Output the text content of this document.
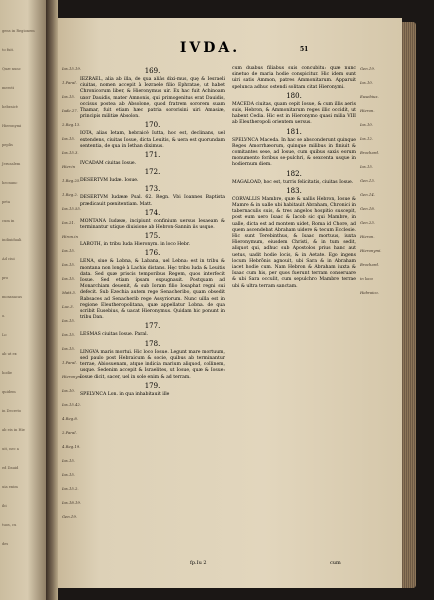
gens in Regionem
to fuit.
Quæ nunc
meroti
hebraicè
Hieronymi
peplis
Jerusalem
hecnunc
peta
cum in
indiuiduali
Ad ciui
pro
mosanacas
o.
Lo
ab ut ex
hodie
quidem
in Decreto
ab eis in Hie
uit, nec a
ed Dauid
uia enim
ibi
tuos, cu
des
IVDA.	51

Ios.15.19.

1.Paral.

Ios.15.

Iude.27.

2.Reg.13.

Ios.15.

Ios.15.3.

Hier.in

1.Reg.25.

1.Reg.2.

Ios.15.55.

Ios.21.

Hiron.in

Ios.15.

Ios.15.

Ios.15.

Matt.3.

Luc.3.

Ios.15.

Ios.15.

Ios.15.

1.Paral.

Hieronym.

Ios.10.

Ios.15.42.

4.Reg.8.

2.Paral.

4.Reg.19.

Ios.15.

Ios.15.

Ios.15.2.

Ios.18.19.

Gen.19.

169.

IEZRAEL, alia ab illa, de qua aliàs dixi-mus, quę & Iesraeli ciuitas, nomen accepit à Iezraele filio Ephratae, ut habet Chronicorum liber, & Hieronymus uir. Ex hac fuit Achinoam uxor Dauidis, mater Amnonis, qui primogenitus erat Dauidis, occisus postea ab Absolone, quod fratrem sororem suam Thamar, fuit etiam hæc patria sororisini uiri Amasiæ, principis militiæ Absolon.

170.

IOTA, alias Ietam, hebraicè Iutta, hoc est, declinans, uel extendens, ciuitas Iosue, dicta Leuitis, & uera est quorundam sententia, de qua in Iethan diximus.

171.

IVCADAM ciuitas Iosue.

172.

DESERTVM Iudæ. Iosue.

173.

DESERTVM Iudææ Psal. 62. Regn. Vbi Ioannes Baptista prædicauit pœnitentiam. Matt.

174.

MONTANA Iudææ, incipiunt confinium uersus Iesaeam & terminantur utique diuisione ab Hebron-Sannin iis usque.

175.

LABOTH, in tribu Iuda Hieronym. in loco Hebr.

176.

LENA, siue & Lobna, & Labana, uel Lebna: est in tribu & montana non longè à Lachis distans. Hęc tribu Iuda & Leuitis data. Sed quæ priscis temporibus Regem, quos interfecit Iosue. Sed etiam ipsam expugnauit. Postquam ad Monarchiam deuenit, & sub Ioram filio Iosaphat regni sui defecit. Sub Ezechia autem rege Senacheribo, quam obsedit Rabsaces ad Senacherib rege Assyriorum. Nunc uilla est in regione Eleutheropolitana, quæ appellatur Lobna. de qua scribit Eusebius, & uacat Hieronymus. Quidam hic ponunt in tribu Dan.

177.

LESMAS ciuitas Iosue. Paral.

178.

LINGVA maris mortui. Hic loco Iosue. Legunt mare mortuum, sed paulo post Hebraicum & socie, quibus ab terminantur terrae, Abiosuenam, atque indicia marium aliquod, collinem, usque. Sedenim accepit & Israelites, ut Iosue, quæ & Iosue: Iosue dicit, sacer, uel in sole enim & ad terram.

179.

SPELVNCA Lon. in qua inhabitauit ille

cum duabus filiabus suis concubitu: quæ nunc sinetuo de maria hodie conspicitur. Hic idem sunt uiri satis Ammon, patres Ammonitarum. Apparuit spelunca adhuc ostendi solitam citat Hieronymi.

180.

MACEDA ciuitas, quam cepit Iosue, & cum illis aeris suis, Hebron, & Ammonitarum reges illic occidit, ut habent Cedia. Hic est in Hieronymo quasi milia VIII ab Eleutheropoli orientem uersus.

181.

SPELVNCA Maceda. In hac se absconderunt quinque Reges Amorrhæorum, quinque milibus in finiuit & comitantes sese, ad Iosue, cum quibus saxis eorum monumento foribus se-pulchri, & sexcenta usque in hodiernum diem.

182.

MAGALOAD, hoc est, turris felicitatis, ciuitas Iosue.

183.

CORVALLIS Mambre, quæ & uallis Hebron, Iosue & Mamre & in ualle ubi habitauit Abraham, Chronici in tabernaculis suis, & tres angelos hospitio suscepit, post eum uero Isaac & Iacob sic qui Mambre, in ualle, dicta est ad montem uidet, Roma id Chore, ad quem ascendebat Abraham uidere & tecum Ecclesie. Hic sunt Terebinthus, & Isaac mortuus, iuxta Hieronymum, eiusdem Christi, & in tum sedit, aliquot qui, adhuc sub Apostolos prius hanc aut uetus, uadit hodie locis, & in Aetate. Ego ingens locum Hebrõnis agnouit, ubi Sara & in Abraham iacet hodie cum. Nam Hebron & Abraham iuxta & Isaac cum his, per quos fuerunt terram conseruare & ubi Sara occulit, cum sepulchro Mambre terrae ubi & ultra terram sanctam.

Gen.19.

Ios.10.

Eusebius.

Hieron.

Ios.10.

Ios.12.

Brochard.

Ios.15.

Gen.13.

Gen.14.

Gen.18.

Gen.23.

Hieron.

Hieronymi.

Brochard.

in loco

Hebraico.

fp.Iu 2	cum
